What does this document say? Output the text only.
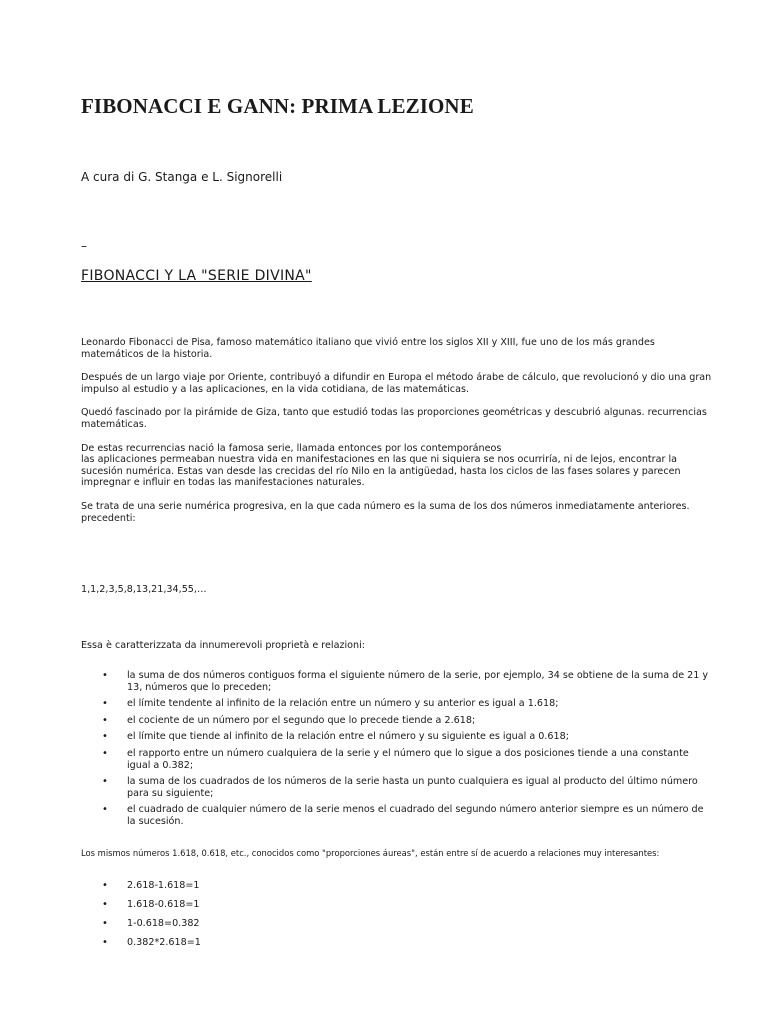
FIBONACCI E GANN: PRIMA LEZIONE
A cura di G. Stanga e L. Signorelli
–
FIBONACCI Y LA "SERIE DIVINA"

Leonardo Fibonacci de Pisa, famoso matemático italiano que vivió entre los siglos XII y XIII, fue uno de los más grandes matemáticos de la historia.

Después de un largo viaje por Oriente, contribuyó a difundir en Europa el método árabe de cálculo, que revolucionó y dio una gran impulso al estudio y a las aplicaciones, en la vida cotidiana, de las matemáticas.

Quedó fascinado por la pirámide de Giza, tanto que estudió todas las proporciones geométricas y descubrió algunas. recurrencias matemáticas.

De estas recurrencias nació la famosa serie, llamada entonces por los contemporáneos
las aplicaciones permeaban nuestra vida en manifestaciones en las que ni siquiera se nos ocurriría, ni de lejos, encontrar la sucesión numérica. Estas van desde las crecidas del río Nilo en la antigüedad, hasta los ciclos de las fases solares y parecen impregnar e influir en todas las manifestaciones naturales.

Se trata de una serie numérica progresiva, en la que cada número es la suma de los dos números inmediatamente anteriores. precedenti:

1,1,2,3,5,8,13,21,34,55,…
Essa è caratterizzata da innumerevoli proprietà e relazioni:
• la suma de dos números contiguos forma el siguiente número de la serie, por ejemplo, 34 se obtiene de la suma de 21 y 13, números que lo preceden;
• el límite tendente al infinito de la relación entre un número y su anterior es igual a 1.618;
• el cociente de un número por el segundo que lo precede tiende a 2.618;
• el límite que tiende al infinito de la relación entre el número y su siguiente es igual a 0.618;
• el rapporto entre un número cualquiera de la serie y el número que lo sigue a dos posiciones tiende a una constante igual a 0.382;
• la suma de los cuadrados de los números de la serie hasta un punto cualquiera es igual al producto del último número para su siguiente;
• el cuadrado de cualquier número de la serie menos el cuadrado del segundo número anterior siempre es un número de la sucesión.
Los mismos números 1.618, 0.618, etc., conocidos como "proporciones áureas", están entre sí de acuerdo a relaciones muy interesantes:
• 2.618-1.618=1
• 1.618-0.618=1
• 1-0.618=0.382
• 0.382*2.618=1
